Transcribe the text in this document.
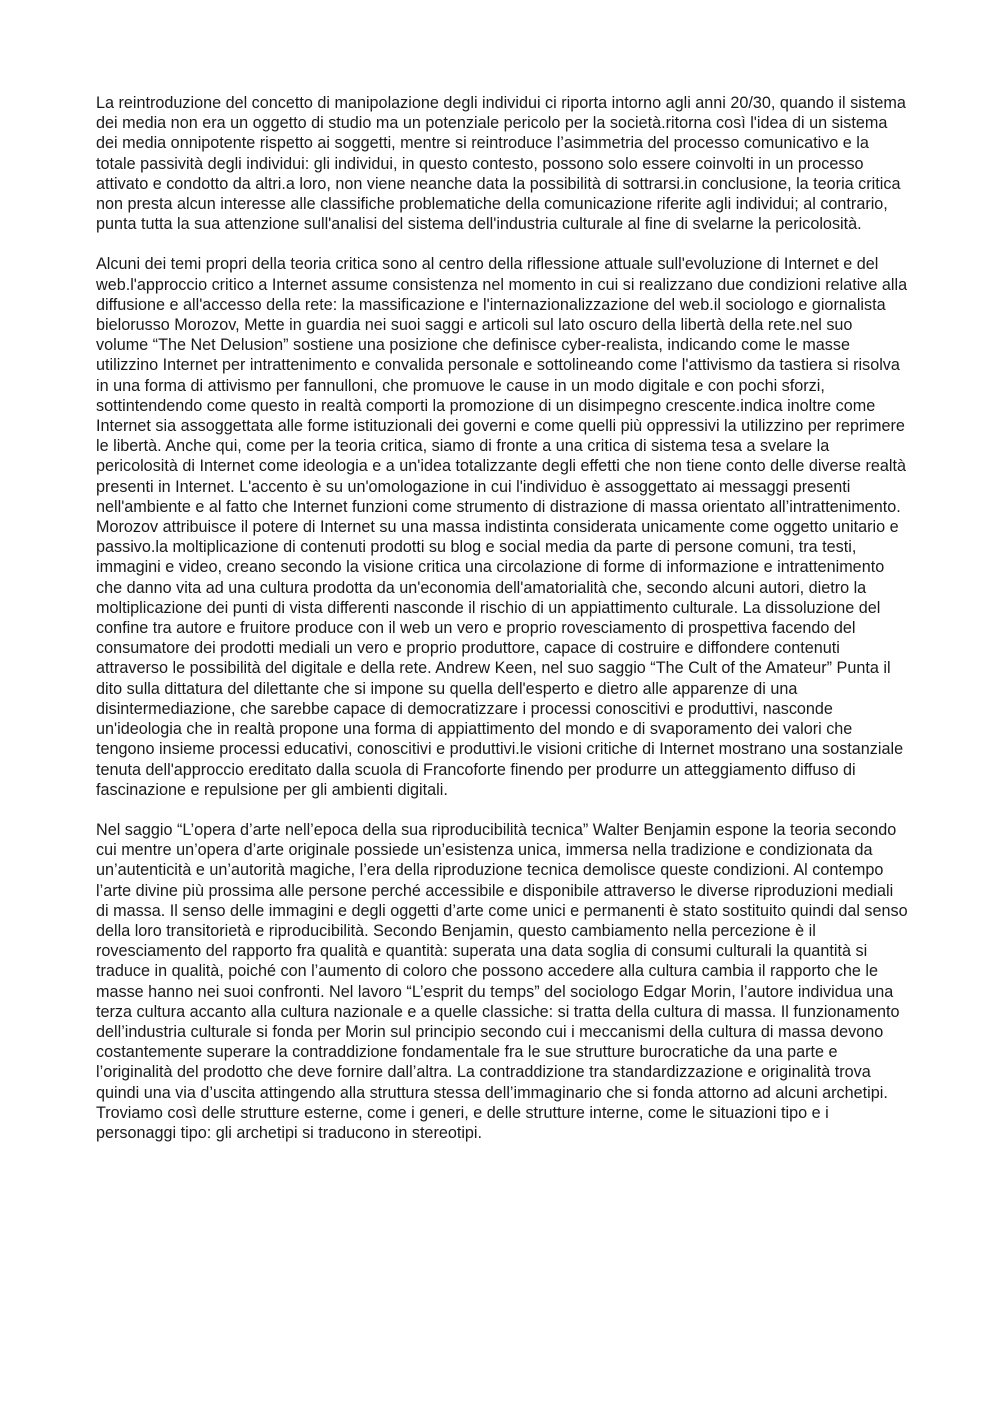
La reintroduzione del concetto di manipolazione degli individui ci riporta intorno agli anni 20/30, quando il sistema dei media non era un oggetto di studio ma un potenziale pericolo per la società.ritorna così l'idea di un sistema dei media onnipotente rispetto ai soggetti, mentre si reintroduce l’asimmetria del processo comunicativo e la totale passività degli individui: gli individui, in questo contesto, possono solo essere coinvolti in un processo attivato e condotto da altri.a loro, non viene neanche data la possibilità di sottrarsi.in conclusione, la teoria critica non presta alcun interesse alle classifiche problematiche della comunicazione riferite agli individui; al contrario, punta tutta la sua attenzione sull'analisi del sistema dell'industria culturale al fine di svelarne la pericolosità.

Alcuni dei temi propri della teoria critica sono al centro della riflessione attuale sull'evoluzione di Internet e del web.l'approccio critico a Internet assume consistenza nel momento in cui si realizzano due condizioni relative alla diffusione e all'accesso della rete: la massificazione e l'internazionalizzazione del web.il sociologo e giornalista bielorusso Morozov, Mette in guardia nei suoi saggi e articoli sul lato oscuro della libertà della rete.nel suo volume “The Net Delusion” sostiene una posizione che definisce cyber-realista, indicando come le masse utilizzino Internet per intrattenimento e convalida personale e sottolineando come l'attivismo da tastiera si risolva in una forma di attivismo per fannulloni, che promuove le cause in un modo digitale e con pochi sforzi, sottintendendo come questo in realtà comporti la promozione di un disimpegno crescente.indica inoltre come Internet sia assoggettata alle forme istituzionali dei governi e come quelli più oppressivi la utilizzino per reprimere le libertà. Anche qui, come per la teoria critica, siamo di fronte a una critica di sistema tesa a svelare la pericolosità di Internet come ideologia e a un'idea totalizzante degli effetti che non tiene conto delle diverse realtà presenti in Internet. L'accento è su un'omologazione in cui l'individuo è assoggettato ai messaggi presenti nell'ambiente e al fatto che Internet funzioni come strumento di distrazione di massa orientato all’intrattenimento. Morozov attribuisce il potere di Internet su una massa indistinta considerata unicamente come oggetto unitario e passivo.la moltiplicazione di contenuti prodotti su blog e social media da parte di persone comuni, tra testi, immagini e video, creano secondo la visione critica una circolazione di forme di informazione e intrattenimento che danno vita ad una cultura prodotta da un'economia dell'amatorialità che, secondo alcuni autori, dietro la moltiplicazione dei punti di vista differenti nasconde il rischio di un appiattimento culturale. La dissoluzione del confine tra autore e fruitore produce con il web un vero e proprio rovesciamento di prospettiva facendo del consumatore dei prodotti mediali un vero e proprio produttore, capace di costruire e diffondere contenuti attraverso le possibilità del digitale e della rete. Andrew Keen, nel suo saggio “The Cult of the Amateur” Punta il dito sulla dittatura del dilettante che si impone su quella dell'esperto e dietro alle apparenze di una disintermediazione, che sarebbe capace di democratizzare i processi conoscitivi e produttivi, nasconde un'ideologia che in realtà propone una forma di appiattimento del mondo e di svaporamento dei valori che tengono insieme processi educativi, conoscitivi e produttivi.le visioni critiche di Internet mostrano una sostanziale tenuta dell'approccio ereditato dalla scuola di Francoforte finendo per produrre un atteggiamento diffuso di fascinazione e repulsione per gli ambienti digitali.

Nel saggio “L’opera d’arte nell’epoca della sua riproducibilità tecnica” Walter Benjamin espone la teoria secondo cui mentre un’opera d’arte originale possiede un’esistenza unica, immersa nella tradizione e condizionata da un’autenticità e un’autorità magiche, l’era della riproduzione tecnica demolisce queste condizioni. Al contempo l’arte divine più prossima alle persone perché accessibile e disponibile attraverso le diverse riproduzioni mediali di massa. Il senso delle immagini e degli oggetti d’arte come unici e permanenti è stato sostituito quindi dal senso della loro transitorietà e riproducibilità. Secondo Benjamin, questo cambiamento nella percezione è il rovesciamento del rapporto fra qualità e quantità: superata una data soglia di consumi culturali la quantità si traduce in qualità, poiché con l’aumento di coloro che possono accedere alla cultura cambia il rapporto che le masse hanno nei suoi confronti. Nel lavoro “L’esprit du temps” del sociologo Edgar Morin, l’autore individua una terza cultura accanto alla cultura nazionale e a quelle classiche: si tratta della cultura di massa. Il funzionamento dell’industria culturale si fonda per Morin sul principio secondo cui i meccanismi della cultura di massa devono costantemente superare la contraddizione fondamentale fra le sue strutture burocratiche da una parte e l’originalità del prodotto che deve fornire dall’altra. La contraddizione tra standardizzazione e originalità trova quindi una via d’uscita attingendo alla struttura stessa dell’immaginario che si fonda attorno ad alcuni archetipi. Troviamo così delle strutture esterne, come i generi, e delle strutture interne, come le situazioni tipo e i personaggi tipo: gli archetipi si traducono in stereotipi.
